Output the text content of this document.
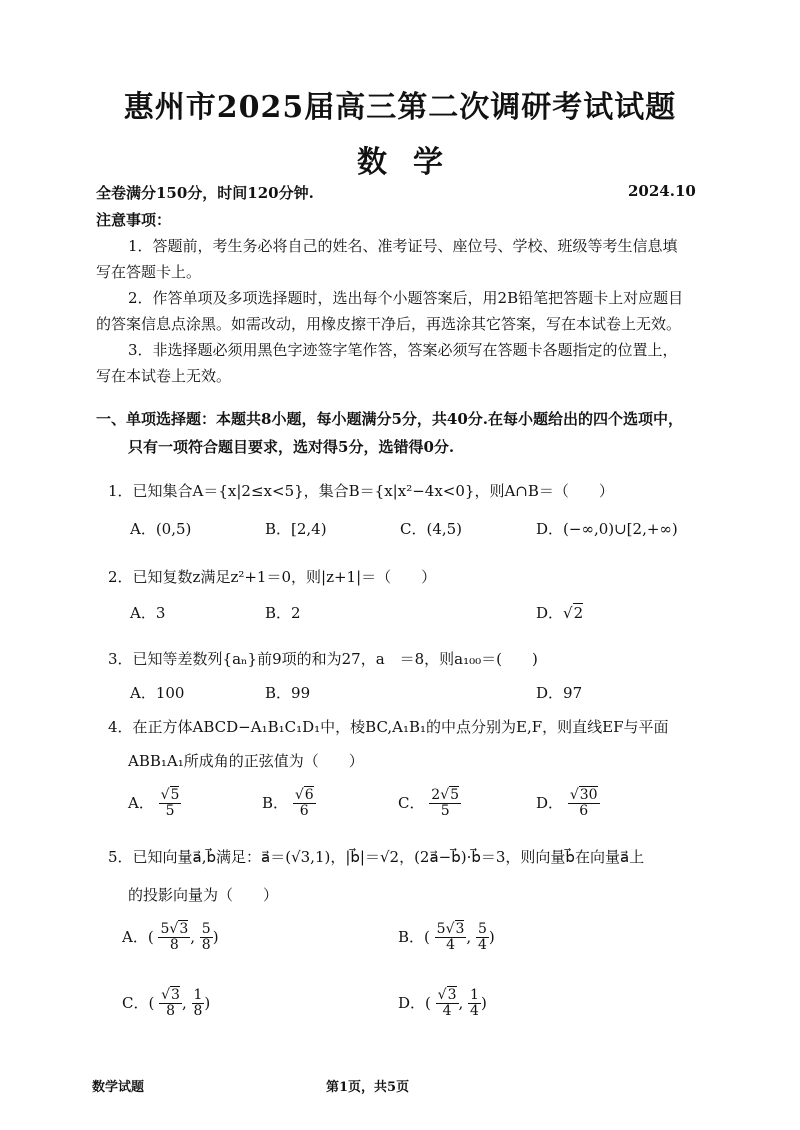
惠州市2025届高三第二次调研考试试题
数学
全卷满分150分，时间120分钟.	2024.10
注意事项：
1．答题前，考生务必将自己的姓名、准考证号、座位号、学校、班级等考生信息填
写在答题卡上。
2．作答单项及多项选择题时，选出每个小题答案后，用2B铅笔把答题卡上对应题目
的答案信息点涂黑。如需改动，用橡皮擦干净后，再选涂其它答案，写在本试卷上无效。
3．非选择题必须用黑色字迹签字笔作答，答案必须写在答题卡各题指定的位置上，
写在本试卷上无效。
一、单项选择题：本题共8小题，每小题满分5分，共40分.在每小题给出的四个选项中，
只有一项符合题目要求，选对得5分，选错得0分.
1．已知集合A＝{x|2≤x<5}，集合B＝{x|x²−4x<0}，则A∩B＝（　　）
A．(0,5)	B．[2,4)	C．(4,5)	D．(−∞,0)∪[2,+∞)
2．已知复数z满足z²+1＝0，则|z+1|＝（　　）
A．3	B．2	D．√2
3．已知等差数列{aₙ}前9项的和为27，a　＝8，则a₁₀₀＝(　　)
A．100	B．99	D．97
4．在正方体ABCD−A₁B₁C₁D₁中，棱BC,A₁B₁的中点分别为E,F，则直线EF与平面
ABB₁A₁所成角的正弦值为（　　）
A． $\frac{√5}{5}$	B． $\frac{√6}{6}$	C． $\frac{2√5}{5}$	D． $\frac{√30}{6}$
5．已知向量a⃗,b⃗满足：a⃗＝(√3,1)，|b⃗|＝√2，(2a⃗−b⃗)·b⃗＝3，则向量b⃗在向量a⃗上
的投影向量为（　　）
A．( $\frac{5√3}{8}$ , $\frac{5}{8}$ )	B．( $\frac{5√3}{4}$ , $\frac{5}{4}$ )
C．( $\frac{√3}{8}$ , $\frac{1}{8}$ )	D．( $\frac{√3}{4}$ , $\frac{1}{4}$ )
数学试题	第1页，共5页
